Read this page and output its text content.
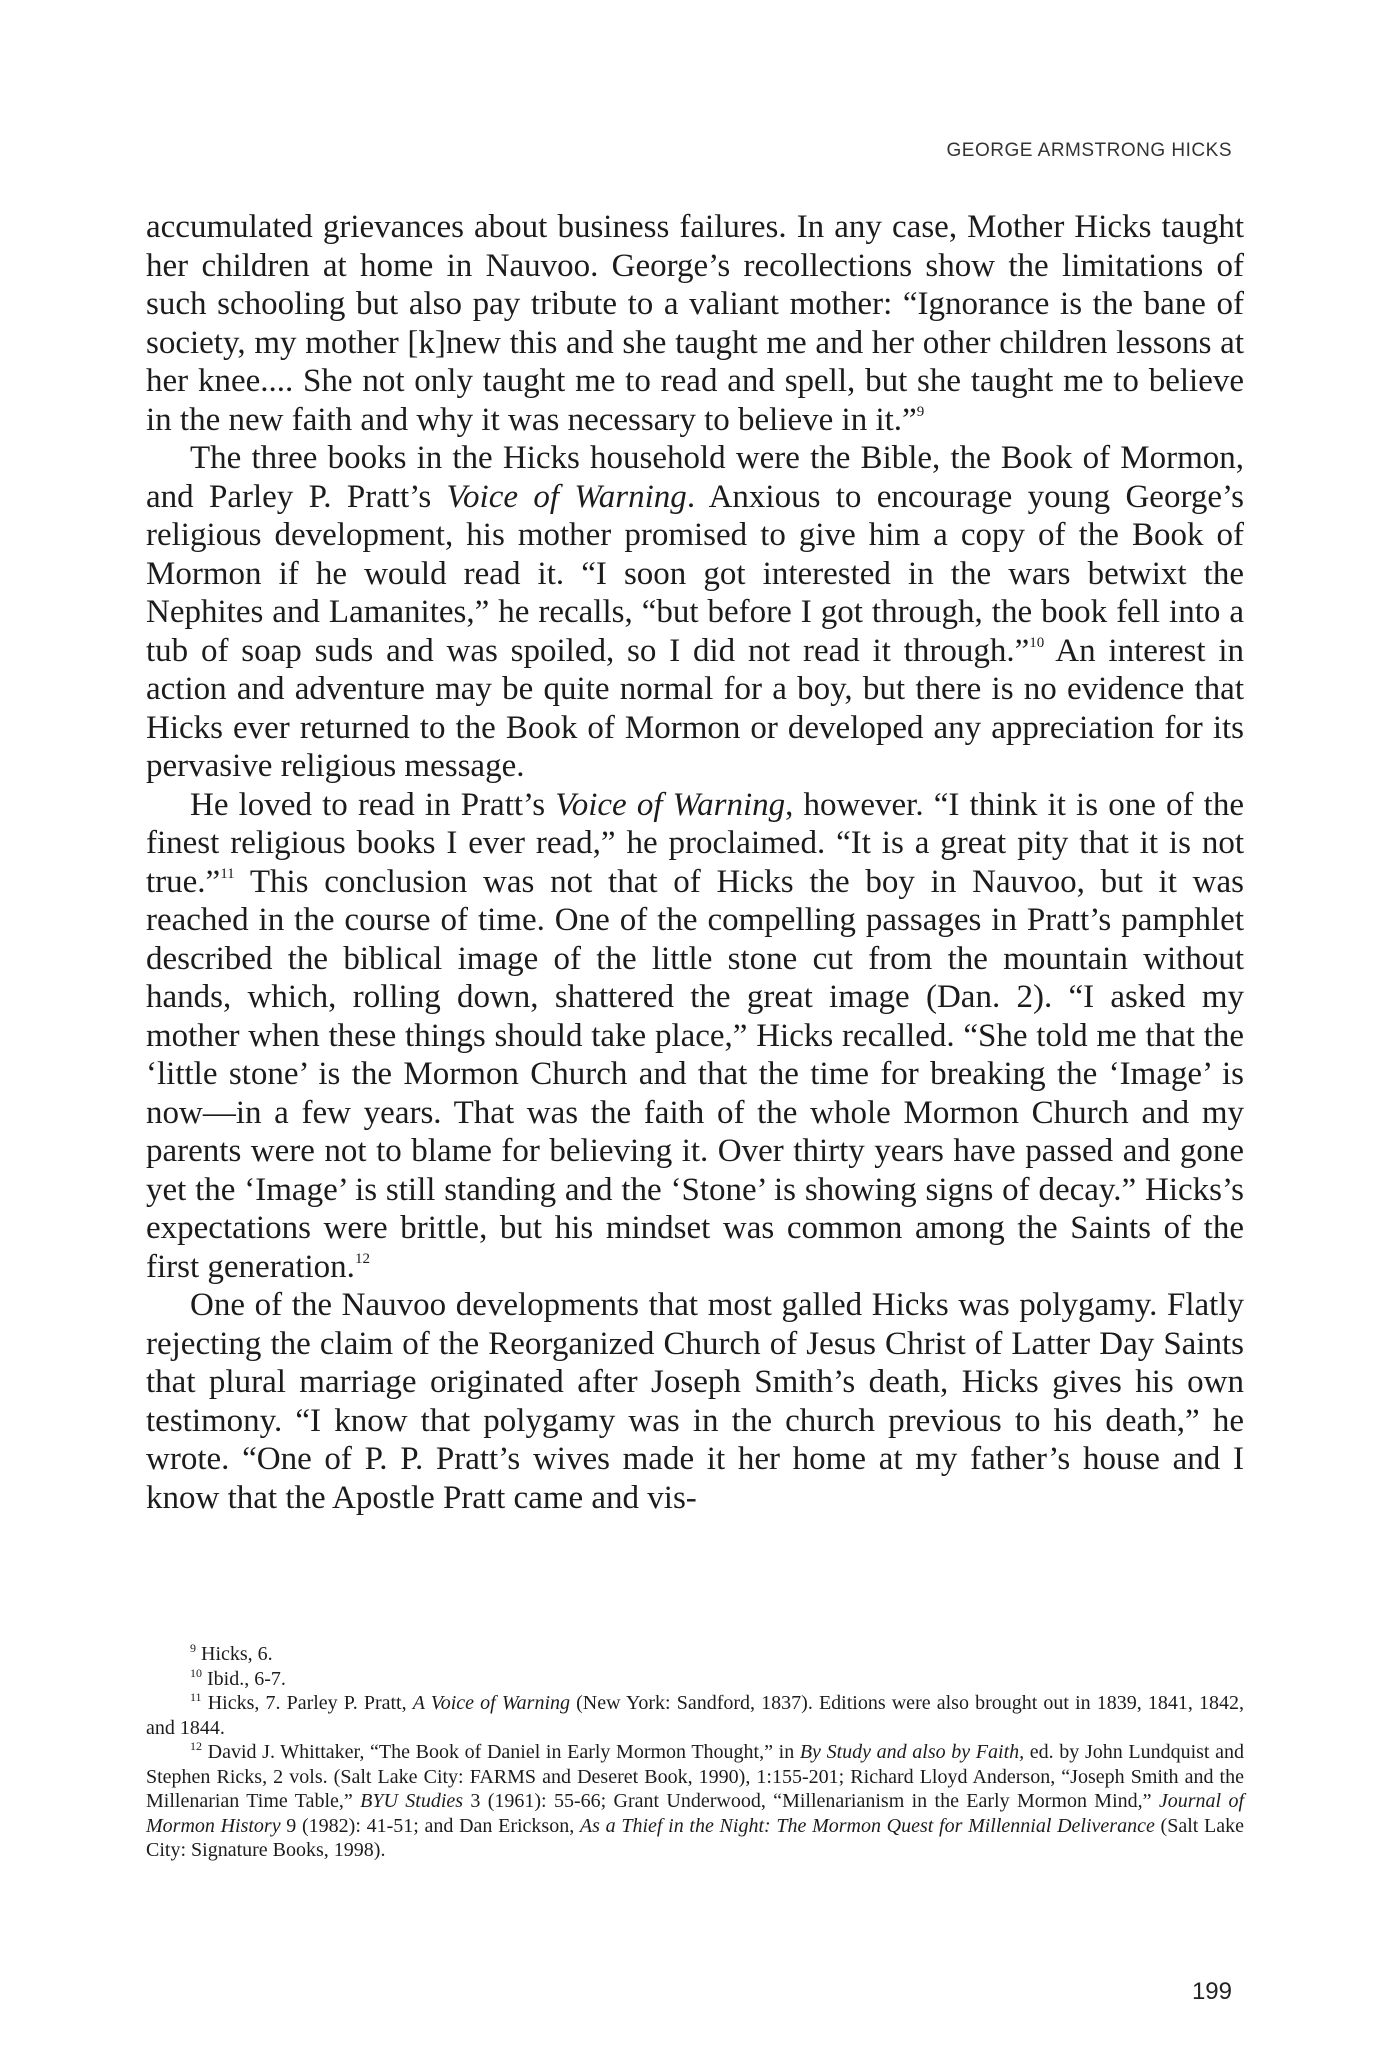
GEORGE ARMSTRONG HICKS

accumulated grievances about business failures. In any case, Mother Hicks taught her children at home in Nauvoo. George’s recollections show the limitations of such schooling but also pay tribute to a valiant mother: “Ignorance is the bane of society, my mother [k]new this and she taught me and her other children lessons at her knee.... She not only taught me to read and spell, but she taught me to believe in the new faith and why it was necessary to believe in it.”$^9$

The three books in the Hicks household were the Bible, the Book of Mormon, and Parley P. Pratt’s Voice of Warning. Anxious to encourage young George’s religious development, his mother promised to give him a copy of the Book of Mormon if he would read it. “I soon got interested in the wars betwixt the Nephites and Lamanites,” he recalls, “but before I got through, the book fell into a tub of soap suds and was spoiled, so I did not read it through.”$^{10}$ An interest in action and adventure may be quite normal for a boy, but there is no evidence that Hicks ever returned to the Book of Mormon or developed any appreciation for its pervasive religious message.

He loved to read in Pratt’s Voice of Warning, however. “I think it is one of the finest religious books I ever read,” he proclaimed. “It is a great pity that it is not true.”$^{11}$ This conclusion was not that of Hicks the boy in Nauvoo, but it was reached in the course of time. One of the compelling passages in Pratt’s pamphlet described the biblical image of the little stone cut from the mountain without hands, which, rolling down, shattered the great image (Dan. 2). “I asked my mother when these things should take place,” Hicks recalled. “She told me that the ‘little stone’ is the Mormon Church and that the time for breaking the ‘Image’ is now—in a few years. That was the faith of the whole Mormon Church and my parents were not to blame for believing it. Over thirty years have passed and gone yet the ‘Image’ is still standing and the ‘Stone’ is showing signs of decay.” Hicks’s expectations were brittle, but his mindset was common among the Saints of the first generation.$^{12}$

One of the Nauvoo developments that most galled Hicks was polygamy. Flatly rejecting the claim of the Reorganized Church of Jesus Christ of Latter Day Saints that plural marriage originated after Joseph Smith’s death, Hicks gives his own testimony. “I know that polygamy was in the church previous to his death,” he wrote. “One of P. P. Pratt’s wives made it her home at my father’s house and I know that the Apostle Pratt came and vis-

$^9$ Hicks, 6.

$^{10}$ Ibid., 6-7.

$^{11}$ Hicks, 7. Parley P. Pratt, A Voice of Warning (New York: Sandford, 1837). Editions were also brought out in 1839, 1841, 1842, and 1844.

$^{12}$ David J. Whittaker, “The Book of Daniel in Early Mormon Thought,” in By Study and also by Faith, ed. by John Lundquist and Stephen Ricks, 2 vols. (Salt Lake City: FARMS and Deseret Book, 1990), 1:155-201; Richard Lloyd Anderson, “Joseph Smith and the Millenarian Time Table,” BYU Studies 3 (1961): 55-66; Grant Underwood, “Millenarianism in the Early Mormon Mind,” Journal of Mormon History 9 (1982): 41-51; and Dan Erickson, As a Thief in the Night: The Mormon Quest for Millennial Deliverance (Salt Lake City: Signature Books, 1998).

199
